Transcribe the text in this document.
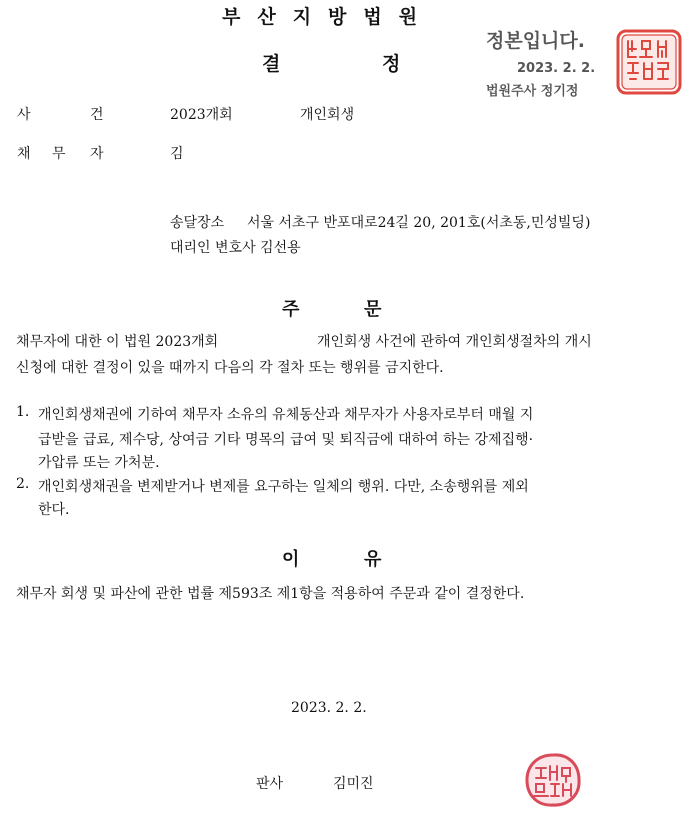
부산지방법원
결	정
정본입니다.
2023. 2. 2.
법원주사 정기정
사	건	2023개회	개인회생
채 무 자	김
송달장소 서울 서초구 반포대로24길 20, 201호(서초동,민성빌딩)
대리인 변호사 김선용
주	문
채무자에 대한 이 법원 2023개회	개인회생 사건에 관하여 개인회생절차의 개시
신청에 대한 결정이 있을 때까지 다음의 각 절차 또는 행위를 금지한다.
1. 개인회생채권에 기하여 채무자 소유의 유체동산과 채무자가 사용자로부터 매월 지
급받을 급료, 제수당, 상여금 기타 명목의 급여 및 퇴직금에 대하여 하는 강제집행·
가압류 또는 가처분.
2. 개인회생채권을 변제받거나 변제를 요구하는 일체의 행위. 다만, 소송행위를 제외
한다.
이	유
채무자 회생 및 파산에 관한 법률 제593조 제1항을 적용하여 주문과 같이 결정한다.
2023. 2. 2.
판사	김미진
